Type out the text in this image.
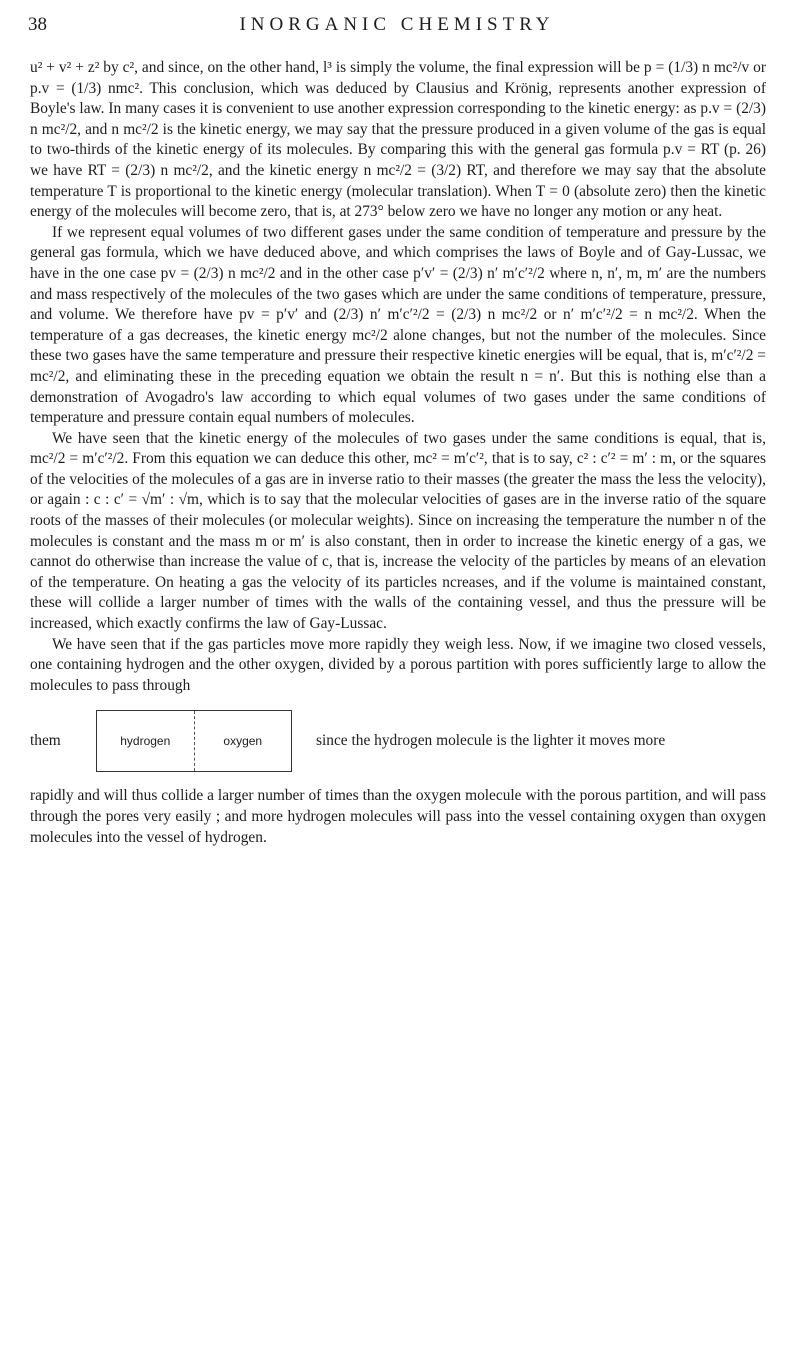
38	INORGANIC CHEMISTRY

u² + v² + z² by c², and since, on the other hand, l³ is simply the volume, the final expression will be p = (1/3) n mc²/v or p.v = (1/3) nmc². This conclusion, which was deduced by Clausius and Krönig, represents another expression of Boyle's law. In many cases it is convenient to use another expression corresponding to the kinetic energy: as p.v = (2/3) n mc²/2, and n mc²/2 is the kinetic energy, we may say that the pressure produced in a given volume of the gas is equal to two-thirds of the kinetic energy of its molecules. By comparing this with the general gas formula p.v = RT (p. 26) we have RT = (2/3) n mc²/2, and the kinetic energy n mc²/2 = (3/2) RT, and therefore we may say that the absolute temperature T is proportional to the kinetic energy (molecular translation). When T = 0 (absolute zero) then the kinetic energy of the molecules will become zero, that is, at 273° below zero we have no longer any motion or any heat.

If we represent equal volumes of two different gases under the same condition of temperature and pressure by the general gas formula, which we have deduced above, and which comprises the laws of Boyle and of Gay-Lussac, we have in the one case pv = (2/3) n mc²/2 and in the other case p′v′ = (2/3) n′ m′c′²/2 where n, n′, m, m′ are the numbers and mass respectively of the molecules of the two gases which are under the same conditions of temperature, pressure, and volume. We therefore have pv = p′v′ and (2/3) n′ m′c′²/2 = (2/3) n mc²/2 or n′ m′c′²/2 = n mc²/2. When the temperature of a gas decreases, the kinetic energy mc²/2 alone changes, but not the number of the molecules. Since these two gases have the same temperature and pressure their respective kinetic energies will be equal, that is, m′c′²/2 = mc²/2, and eliminating these in the preceding equation we obtain the result n = n′. But this is nothing else than a demonstration of Avogadro's law according to which equal volumes of two gases under the same conditions of temperature and pressure contain equal numbers of molecules.

We have seen that the kinetic energy of the molecules of two gases under the same conditions is equal, that is, mc²/2 = m′c′²/2. From this equation we can deduce this other, mc² = m′c′², that is to say, c² : c′² = m′ : m, or the squares of the velocities of the molecules of a gas are in inverse ratio to their masses (the greater the mass the less the velocity), or again : c : c′ = √m′ : √m, which is to say that the molecular velocities of gases are in the inverse ratio of the square roots of the masses of their molecules (or molecular weights). Since on increasing the temperature the number n of the molecules is constant and the mass m or m′ is also constant, then in order to increase the kinetic energy of a gas, we cannot do otherwise than increase the value of c, that is, increase the velocity of the particles by means of an elevation of the temperature. On heating a gas the velocity of its particles ncreases, and if the volume is maintained constant, these will collide a larger number of times with the walls of the containing vessel, and thus the pressure will be increased, which exactly confirms the law of Gay-Lussac.

We have seen that if the gas particles move more rapidly they weigh less. Now, if we imagine two closed vessels, one containing hydrogen and the other oxygen, divided by a porous partition with pores sufficiently large to allow the molecules to pass through

them	hydrogen	oxygen	since the hydrogen molecule is the lighter it moves more

rapidly and will thus collide a larger number of times than the oxygen molecule with the porous partition, and will pass through the pores very easily ; and more hydrogen molecules will pass into the vessel containing oxygen than oxygen molecules into the vessel of hydrogen.
